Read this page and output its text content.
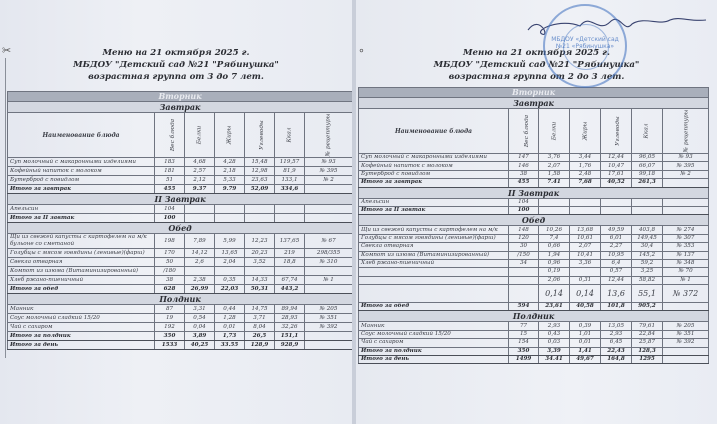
✂	Меню на 21 октября 2025 г.
МБДОУ "Детский сад №21 "Рябинушка"
возрастная группа от 3 до 7 лет.
Вторник						
Завтрак						
Наименование блюда	Вес блюда	Белки	Жиры	Углеводы	Ккал	№ рецептуры
Суп молочный с макаронными изделиями	183	4,68	4,28	15,48	119,57	№ 93
Кофейный напиток с молоком	181	2,57	2,18	12,98	81,9	№ 395
Бутерброд с повидлом	51	2,12	5,33	23,63	133,1	№ 2
Итого за завтрак	455	9.37	9.79	52,09	334,6	
II Завтрак						
Апельсин	104					
Итого за II завтак	100					
Обед						
Щи из свежей капусты с картофелем на м/к бульоне со сметаной	198	7,89	5,99	12,23	137,65	№ 67
Голубцы с мясом говядины (ленивые)(фарш)	170	14,12	13,65	20,23	219	298/355
Свекла отварная	50	2,6	2,04	3,52	18,8	№ 310
Компот из изюма (Витаминизированный)	/180					
Хлеб ржано-пшеничный	38	2,38	0,35	14,33	67,74	№ 1
Итого за обед	628	26,99	22,03	50,31	443,2	
Полдник						
Манник	87	3,31	0,44	14,75	89,94	№ 205
Соус молочный сладкий 15/20	19	0,54	1,28	3,71	28,93	№ 351
Чай с сахаром	192	0,04	0,01	8,04	32,26	№ 392
Итого за полдник	350	3,89	1,73	26,5	151,1	
Итого за день	1533	40,25	33.55	128,9	928,9	
∘	Меню на 21 октября 2025 г.
МБДОУ "Детский сад №21 "Рябинушка"
возрастная группа от 2 до 3 лет.
Вторник						
Завтрак						
Наименование блюда	Вес блюда	Белки	Жиры	Углеводы	Ккал	№ рецептуры
Суп молочный с макаронными изделиями	147	3,76	3,44	12,44	96,05	№ 93
Кофейный напиток с молоком	146	2,07	1,76	10,47	66,07	№ 395
Бутерброд с повидлом	38	1,58	2,48	17,61	99,18	№ 2
Итого за завтрак	455	7.41	7,68	40,52	261,3	
II Завтрак						
Апельсин	104					
Итого за II завтак	100					
Обед						
Щи из свежей капусты с картофелем на м/к	148	10,26	13,68	49,59	403,8	№ 274
Голубцы с мясом говядины (ленивые)(фарш)	120	7,4	10,61	6,01	149,45	№ 307
Свекла отварная	30	0,66	2,07	2,27	30,4	№ 353
Компот из изюма (Витаминизированный)	/150	1,94	10,41	10,95	145,2	№ 137
Хлеб ржано-пшеничный	34	0,96	3,36	6,4	59,2	№ 348
		0,19		0,57	3,25	№ 70
		2,06	0,31	12,44	58,82	№ 1
		0,14	0,14	13,6	55,1	№ 372
Итого за обед	594	23,61	40,58	101,8	905,2	
Полдник						
Манник	77	2,93	0,39	13,05	79,61	№ 205
Соус молочный сладкий 15/20	15	0,43	1,01	2,93	22,84	№ 351
Чай с сахаром	154	0,03	0,01	6,45	25,87	№ 392
Итого за полдник	350	3,39	1,41	22,43	128,3	
Итого за день	1499	34.41	49,67	164,8	1295	
МБДОУ «Детский сад №21 «Рябинушка»
